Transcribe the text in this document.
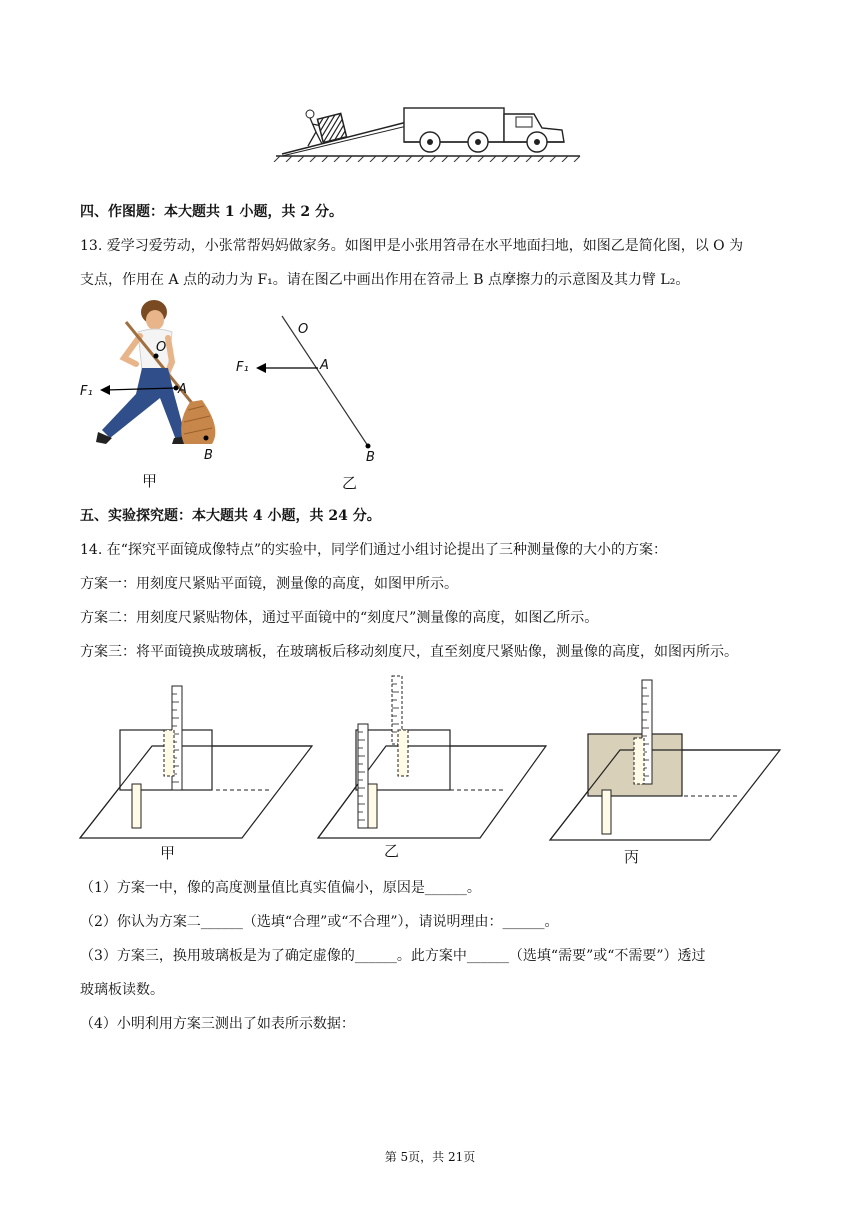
四、作图题：本大题共 1 小题，共 2 分。
13. 爱学习爱劳动，小张常帮妈妈做家务。如图甲是小张用笤帚在水平地面扫地，如图乙是简化图，以 O 为
支点，作用在 A 点的动力为 F₁。请在图乙中画出作用在笤帚上 B 点摩擦力的示意图及其力臂 L₂。
O
A
F₁
B
甲
O
A
F₁
B
乙
五、实验探究题：本大题共 4 小题，共 24 分。
14. 在“探究平面镜成像特点”的实验中，同学们通过小组讨论提出了三种测量像的大小的方案：
方案一：用刻度尺紧贴平面镜，测量像的高度，如图甲所示。
方案二：用刻度尺紧贴物体，通过平面镜中的“刻度尺”测量像的高度，如图乙所示。
方案三：将平面镜换成玻璃板，在玻璃板后移动刻度尺，直至刻度尺紧贴像，测量像的高度，如图丙所示。
甲	乙	丙
（1）方案一中，像的高度测量值比真实值偏小，原因是______。
（2）你认为方案二______（选填“合理”或“不合理”），请说明理由：______。
（3）方案三，换用玻璃板是为了确定虚像的______。此方案中______（选填“需要”或“不需要”）透过
玻璃板读数。
（4）小明利用方案三测出了如表所示数据：
第 5页，共 21页
